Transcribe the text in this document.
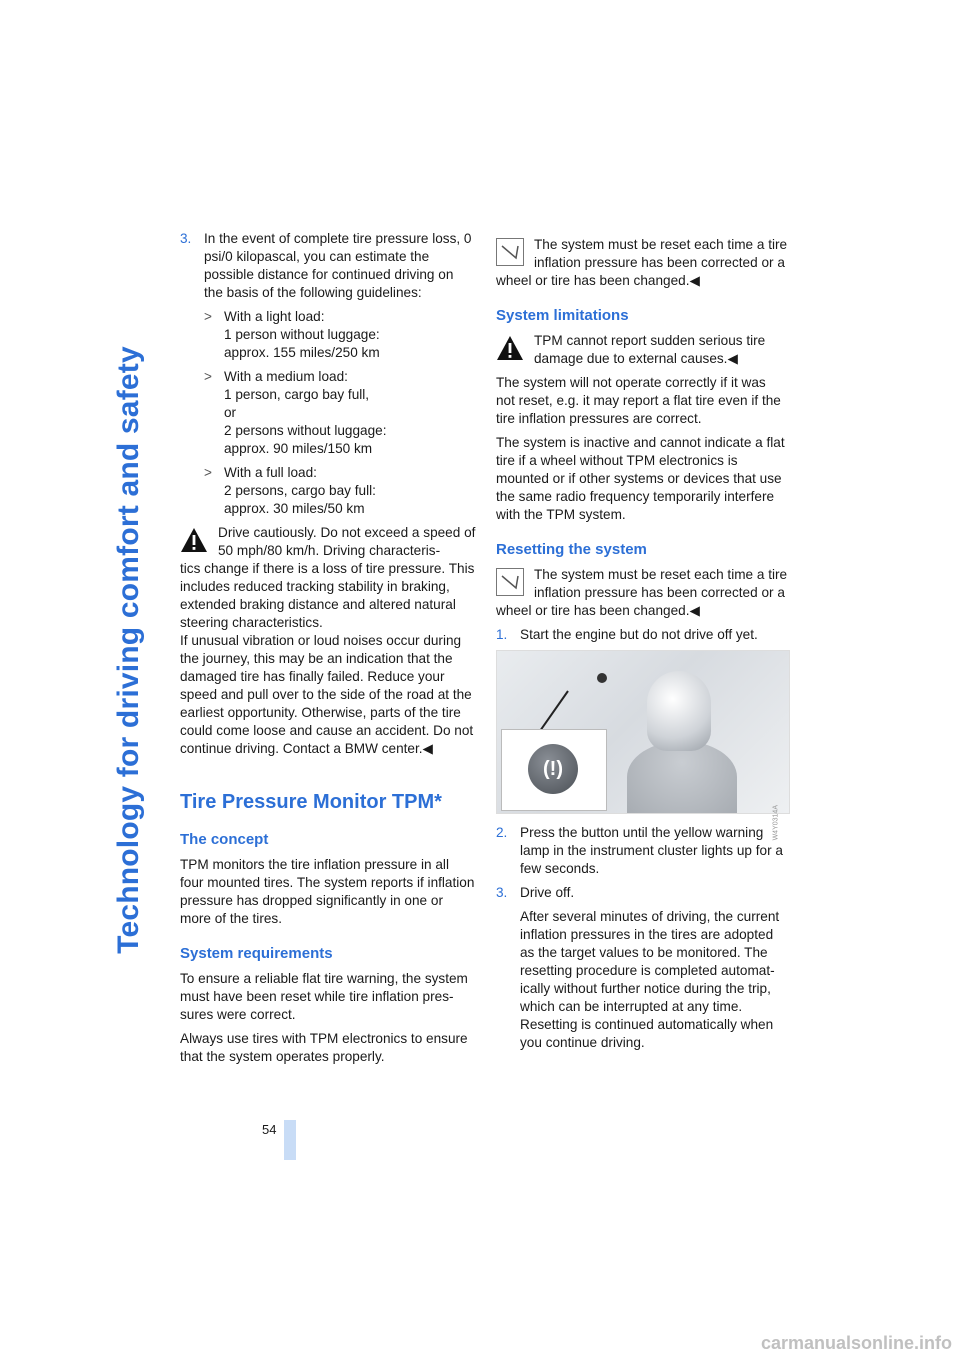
Technology for driving comfort and safety
3. In the event of complete tire pressure loss, 0 psi/0 kilopascal, you can estimate the possible distance for continued driving on the basis of the following guidelines:
> With a light load:
1 person without luggage:
approx. 155 miles/250 km
> With a medium load:
1 person, cargo bay full,
or
2 persons without luggage:
approx. 90 miles/150 km
> With a full load:
2 persons, cargo bay full:
approx. 30 miles/50 km
Drive cautiously. Do not exceed a speed of 50 mph/80 km/h. Driving characteris-
tics change if there is a loss of tire pressure. This includes reduced tracking stability in braking, extended braking distance and altered natural steering characteristics.
If unusual vibration or loud noises occur during the journey, this may be an indication that the damaged tire has finally failed. Reduce your speed and pull over to the side of the road at the earliest opportunity. Otherwise, parts of the tire could come loose and cause an accident. Do not continue driving. Contact a BMW center.◀
Tire Pressure Monitor TPM*
The concept

TPM monitors the tire inflation pressure in all four mounted tires. The system reports if inflation pressure has dropped significantly in one or more of the tires.

System requirements

To ensure a reliable flat tire warning, the system must have been reset while tire inflation pressures were correct.

Always use tires with TPM electronics to ensure that the system operates properly.

The system must be reset each time a tire inflation pressure has been corrected or a
wheel or tire has been changed.◀
System limitations
TPM cannot report sudden serious tire damage due to external causes.◀

The system will not operate correctly if it was not reset, e.g. it may report a flat tire even if the tire inflation pressures are correct.

The system is inactive and cannot indicate a flat tire if a wheel without TPM electronics is mounted or if other systems or devices that use the same radio frequency temporarily interfere with the TPM system.

Resetting the system
The system must be reset each time a tire inflation pressure has been corrected or a
wheel or tire has been changed.◀
1. Start the engine but do not drive off yet.
(!)
W4Y0314A
2. Press the button until the yellow warning lamp in the instrument cluster lights up for a few seconds.
3. Drive off.

After several minutes of driving, the current inflation pressures in the tires are adopted as the target values to be monitored. The resetting procedure is completed automatically without further notice during the trip, which can be interrupted at any time. Resetting is continued automatically when you continue driving.

54
carmanualsonline.info
